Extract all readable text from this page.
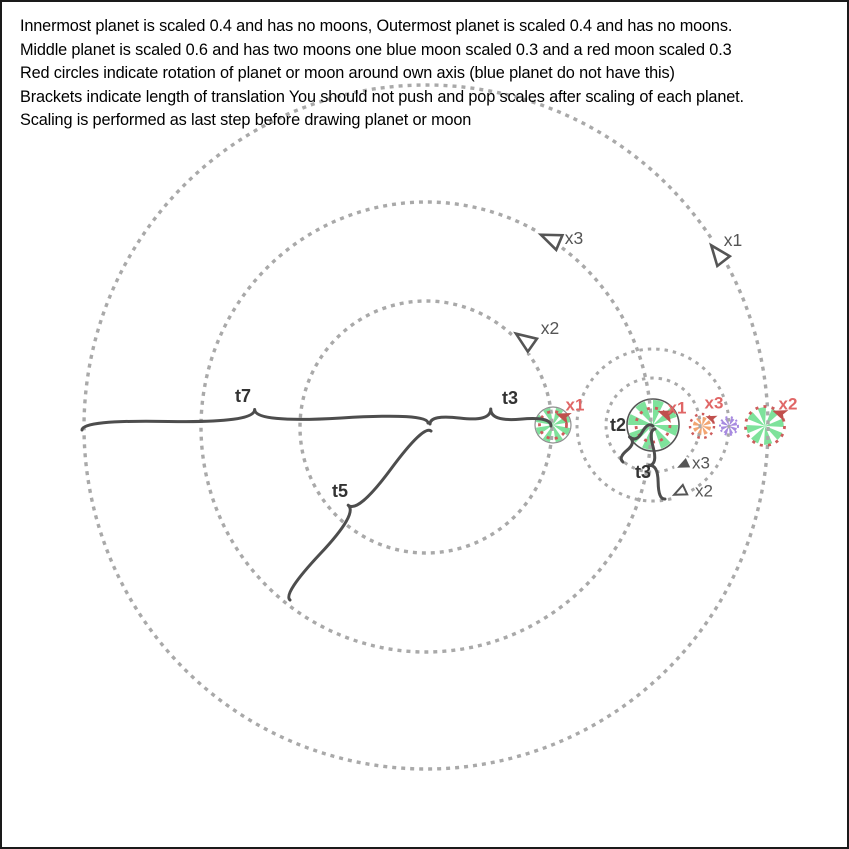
x2
x3	x1
x3
x2
x1	x1	x2
x3
t7	t3
t5
t2
t3
Innermost planet is scaled 0.4 and has no moons, Outermost planet is scaled 0.4 and has no moons.
Middle planet is scaled 0.6 and has two moons one blue moon scaled 0.3 and a red moon scaled 0.3
Red circles indicate rotation of planet or moon around own axis (blue planet do not have this)
Brackets indicate length of translation You should not push and pop scales after scaling of each planet.
Scaling is performed as last step before drawing planet or moon
